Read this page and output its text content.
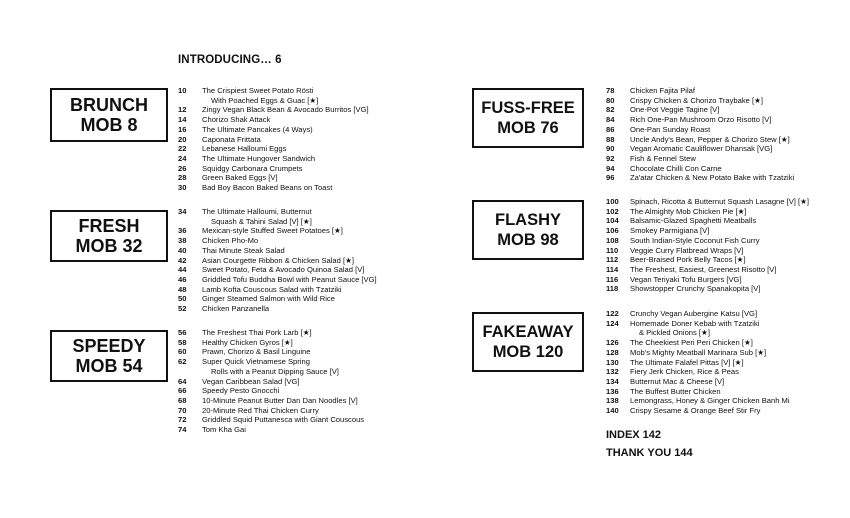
INTRODUCING… 6
BRUNCH
MOB 8
10	The Crispiest Sweet Potato Rösti
With Poached Eggs & Guac [★]
12	Zingy Vegan Black Bean & Avocado Burritos [VG]
14	Chorizo Shak Attack
16	The Ultimate Pancakes (4 Ways)
20	Caponata Frittata
22	Lebanese Halloumi Eggs
24	The Ultimate Hungover Sandwich
26	Squidgy Carbonara Crumpets
28	Green Baked Eggs [V]
30	Bad Boy Bacon Baked Beans on Toast
FRESH
MOB 32
34	The Ultimate Halloumi, Butternut
Squash & Tahini Salad [V] [★]
36	Mexican-style Stuffed Sweet Potatoes [★]
38	Chicken Pho-Mo
40	Thai Minute Steak Salad
42	Asian Courgette Ribbon & Chicken Salad [★]
44	Sweet Potato, Feta & Avocado Quinoa Salad [V]
46	Griddled Tofu Buddha Bowl with Peanut Sauce [VG]
48	Lamb Kofta Couscous Salad with Tzatziki
50	Ginger Steamed Salmon with Wild Rice
52	Chicken Panzanella
SPEEDY
MOB 54
56	The Freshest Thai Pork Larb [★]
58	Healthy Chicken Gyros [★]
60	Prawn, Chorizo & Basil Linguine
62	Super Quick Vietnamese Spring
Rolls with a Peanut Dipping Sauce [V]
64	Vegan Caribbean Salad [VG]
66	Speedy Pesto Gnocchi
68	10-Minute Peanut Butter Dan Dan Noodles [V]
70	20-Minute Red Thai Chicken Curry
72	Griddled Squid Puttanesca with Giant Couscous
74	Tom Kha Gai
FUSS-FREE
MOB 76
78	Chicken Fajita Pilaf
80	Crispy Chicken & Chorizo Traybake [★]
82	One-Pot Veggie Tagine [V]
84	Rich One-Pan Mushroom Orzo Risotto [V]
86	One-Pan Sunday Roast
88	Uncle Andy's Bean, Pepper & Chorizo Stew [★]
90	Vegan Aromatic Cauliflower Dhansak [VG]
92	Fish & Fennel Stew
94	Chocolate Chilli Con Carne
96	Za'atar Chicken & New Potato Bake with Tzatziki
FLASHY
MOB 98
100	Spinach, Ricotta & Butternut Squash Lasagne [V] [★]
102	The Almighty Mob Chicken Pie [★]
104	Balsamic-Glazed Spaghetti Meatballs
106	Smokey Parmigiana [V]
108	South Indian-Style Coconut Fish Curry
110	Veggie Curry Flatbread Wraps [V]
112	Beer-Braised Pork Belly Tacos [★]
114	The Freshest, Easiest, Greenest Risotto [V]
116	Vegan Teriyaki Tofu Burgers [VG]
118	Showstopper Crunchy Spanakopita [V]
FAKEAWAY
MOB 120
122	Crunchy Vegan Aubergine Katsu [VG]
124	Homemade Doner Kebab with Tzatziki
& Pickled Onions [★]
126	The Cheekiest Peri Peri Chicken [★]
128	Mob's Mighty Meatball Marinara Sub [★]
130	The Ultimate Falafel Pittas [V] [★]
132	Fiery Jerk Chicken, Rice & Peas
134	Butternut Mac & Cheese [V]
136	The Buffest Butter Chicken
138	Lemongrass, Honey & Ginger Chicken Banh Mi
140	Crispy Sesame & Orange Beef Stir Fry
INDEX 142
THANK YOU 144
